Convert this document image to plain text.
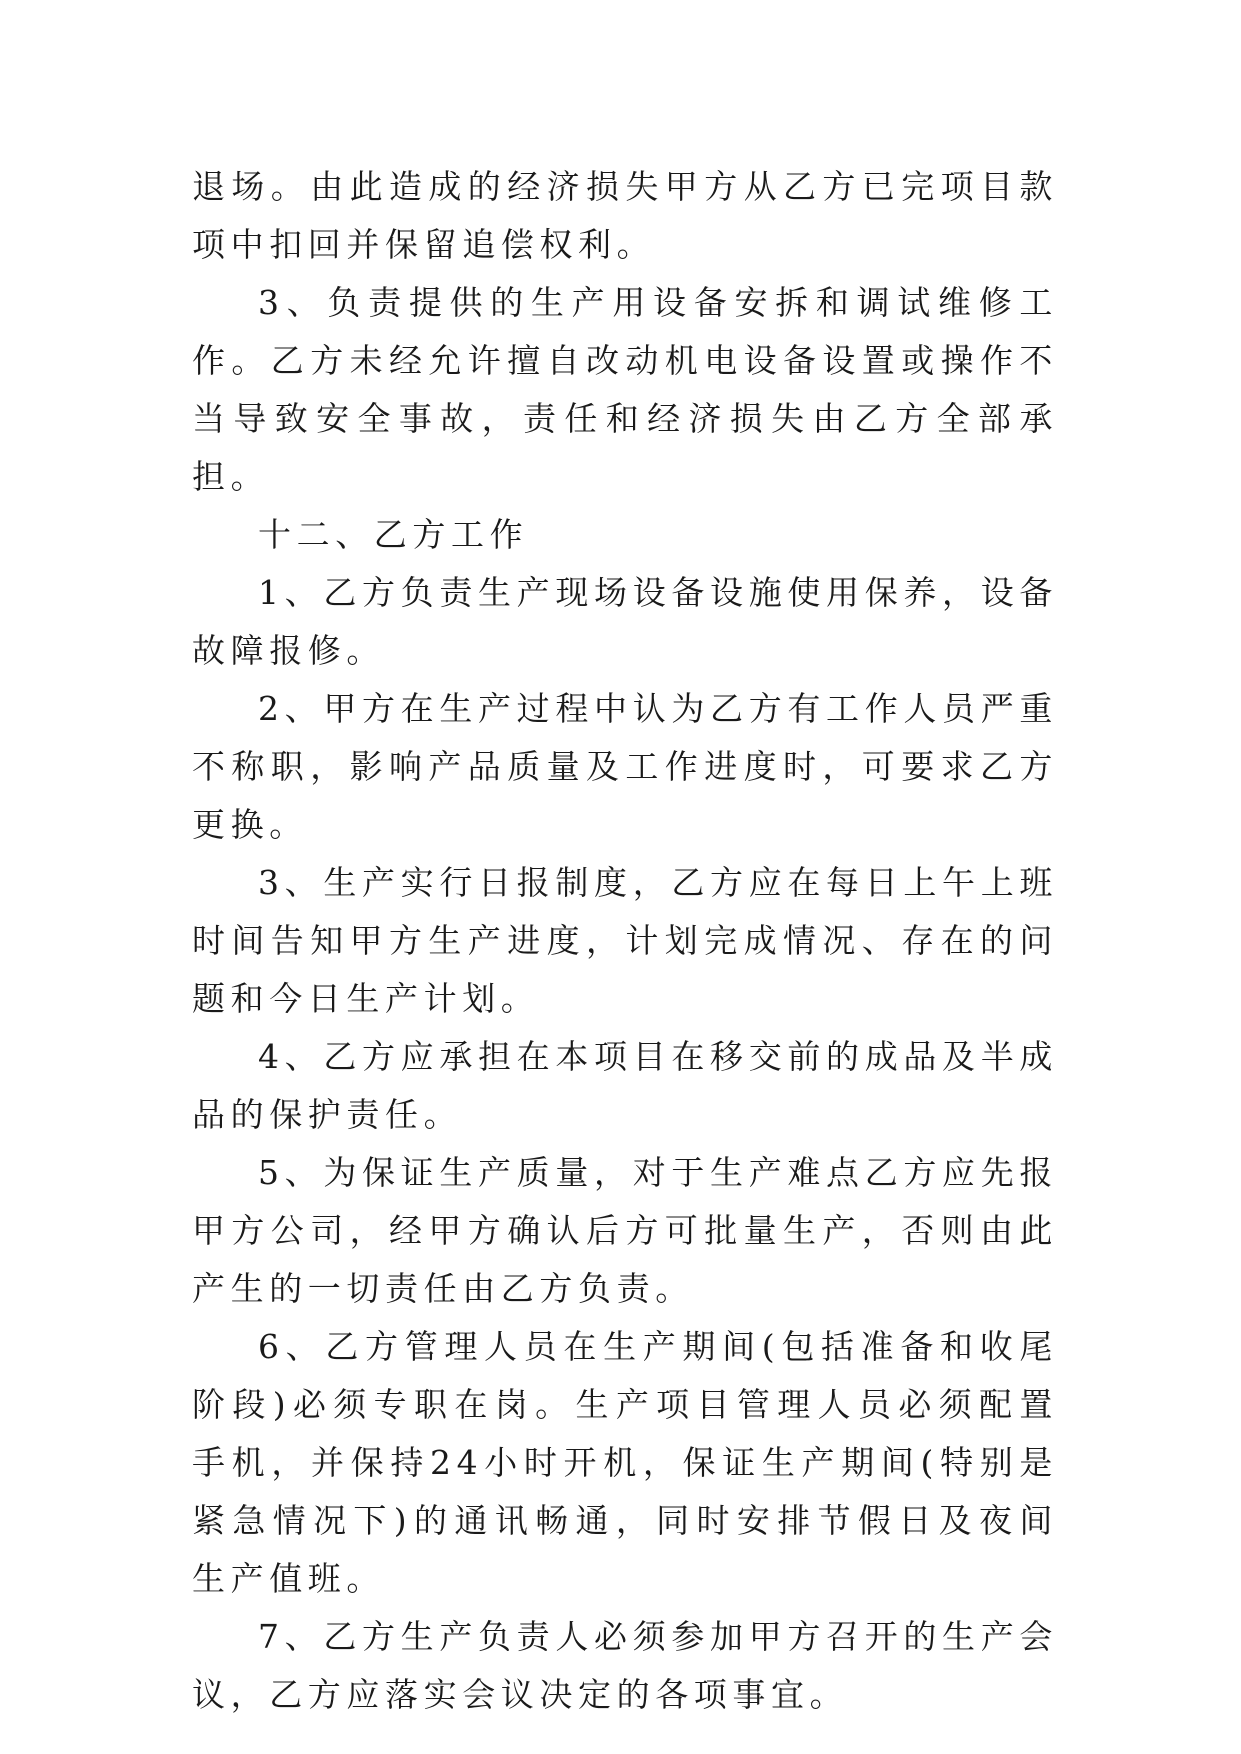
退场。由此造成的经济损失甲方从乙方已完项目款项中扣回并保留追偿权利。

3、负责提供的生产用设备安拆和调试维修工作。乙方未经允许擅自改动机电设备设置或操作不当导致安全事故，责任和经济损失由乙方全部承担。

十二、乙方工作

1、乙方负责生产现场设备设施使用保养，设备故障报修。

2、甲方在生产过程中认为乙方有工作人员严重不称职，影响产品质量及工作进度时，可要求乙方更换。

3、生产实行日报制度，乙方应在每日上午上班时间告知甲方生产进度，计划完成情况、存在的问题和今日生产计划。

4、乙方应承担在本项目在移交前的成品及半成品的保护责任。

5、为保证生产质量，对于生产难点乙方应先报甲方公司，经甲方确认后方可批量生产，否则由此产生的一切责任由乙方负责。

6、乙方管理人员在生产期间(包括准备和收尾阶段)必须专职在岗。生产项目管理人员必须配置手机，并保持24小时开机，保证生产期间(特别是紧急情况下)的通讯畅通，同时安排节假日及夜间生产值班。

7、乙方生产负责人必须参加甲方召开的生产会议，乙方应落实会议决定的各项事宜。
